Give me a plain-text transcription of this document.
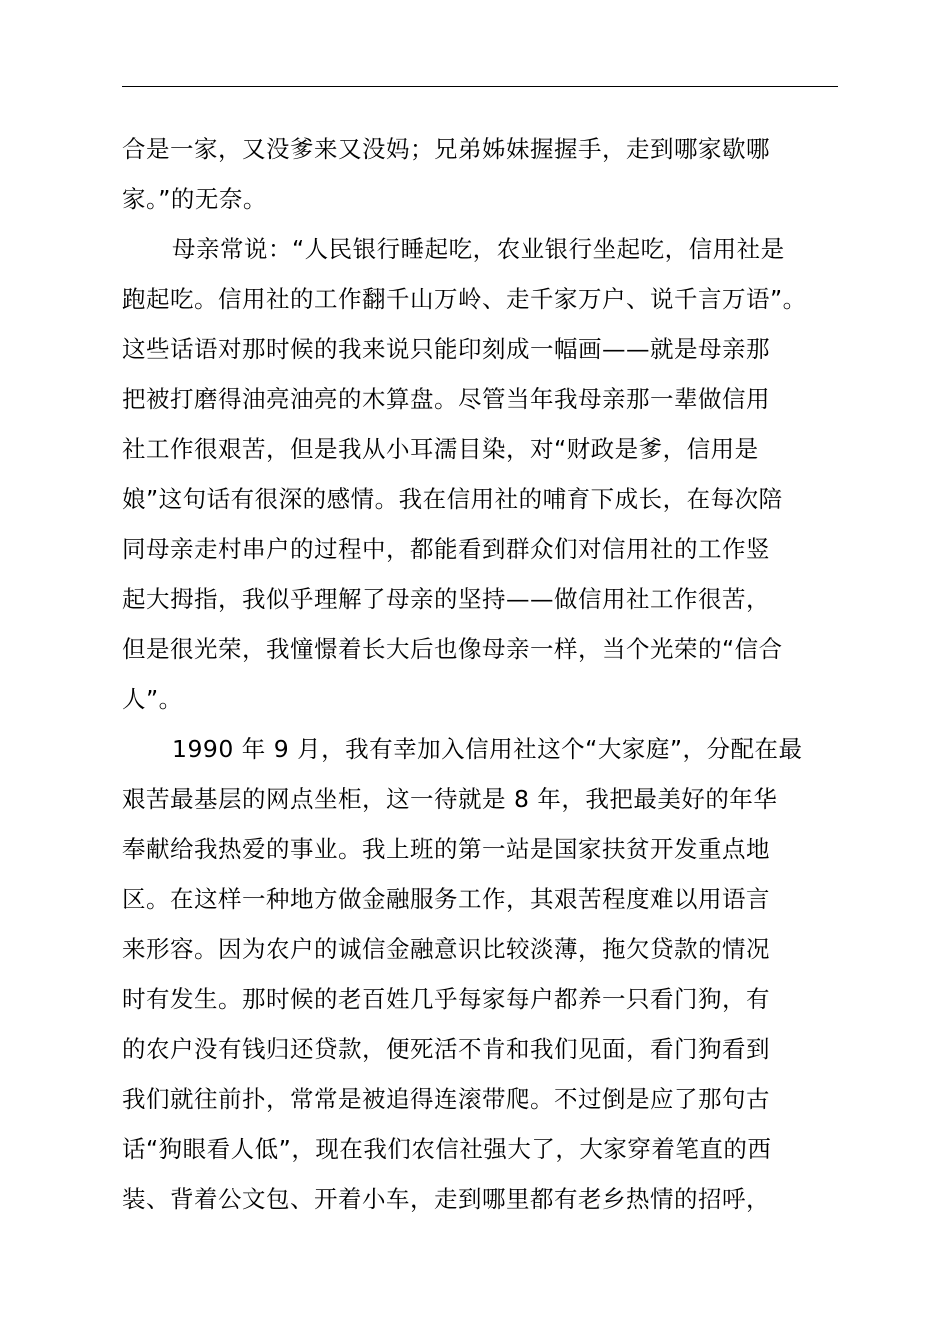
合是一家，又没爹来又没妈；兄弟姊妹握握手，走到哪家歇哪
家。”的无奈。
母亲常说：“人民银行睡起吃，农业银行坐起吃，信用社是
跑起吃。信用社的工作翻千山万岭、走千家万户、说千言万语”。
这些话语对那时候的我来说只能印刻成一幅画——就是母亲那
把被打磨得油亮油亮的木算盘。尽管当年我母亲那一辈做信用
社工作很艰苦，但是我从小耳濡目染，对“财政是爹，信用是
娘”这句话有很深的感情。我在信用社的哺育下成长，在每次陪
同母亲走村串户的过程中，都能看到群众们对信用社的工作竖
起大拇指，我似乎理解了母亲的坚持——做信用社工作很苦，
但是很光荣，我憧憬着长大后也像母亲一样，当个光荣的“信合
人”。
1990 年 9 月，我有幸加入信用社这个“大家庭”，分配在最
艰苦最基层的网点坐柜，这一待就是 8 年，我把最美好的年华
奉献给我热爱的事业。我上班的第一站是国家扶贫开发重点地
区。在这样一种地方做金融服务工作，其艰苦程度难以用语言
来形容。因为农户的诚信金融意识比较淡薄，拖欠贷款的情况
时有发生。那时候的老百姓几乎每家每户都养一只看门狗，有
的农户没有钱归还贷款，便死活不肯和我们见面，看门狗看到
我们就往前扑，常常是被追得连滚带爬。不过倒是应了那句古
话“狗眼看人低”，现在我们农信社强大了，大家穿着笔直的西
装、背着公文包、开着小车，走到哪里都有老乡热情的招呼，
